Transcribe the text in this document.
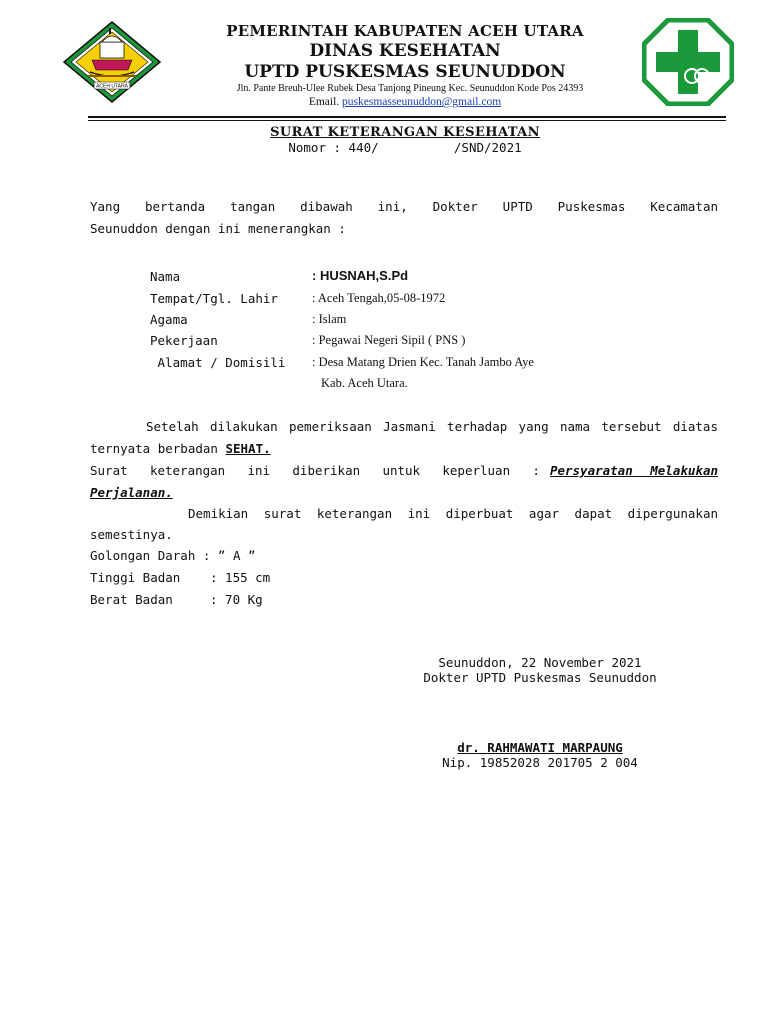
ACEH UTARA
PEMERINTAH KABUPATEN ACEH UTARA
DINAS KESEHATAN
UPTD PUSKESMAS SEUNUDDON
Jln. Pante Breuh-Ulee Rubek Desa Tanjong Pineung Kec. Seunuddon Kode Pos 24393
Email. puskesmasseunuddon@gmail.com
SURAT KETERANGAN KESEHATAN
Nomor : 440/          /SND/2021
Yang bertanda tangan dibawah ini, Dokter UPTD Puskesmas Kecamatan
Seunuddon dengan ini menerangkan :
Nama	: HUSNAH,S.Pd
Tempat/Tgl. Lahir	: Aceh Tengah,05-08-1972
Agama	: Islam
Pekerjaan	: Pegawai Negeri Sipil ( PNS )
Alamat / Domisili : Desa Matang Drien Kec. Tanah Jambo Aye
Kab. Aceh Utara.
Setelah dilakukan pemeriksaan Jasmani terhadap yang nama tersebut diatas
ternyata berbadan SEHAT.
Surat keterangan ini diberikan untuk keperluan : Persyaratan Melakukan
Perjalanan.
Demikian surat keterangan ini diperbuat agar dapat dipergunakan
semestinya.
Golongan Darah : ” A ”
Tinggi Badan : 155 cm
Berat Badan	: 70 Kg
Seunuddon, 22 November 2021
Dokter UPTD Puskesmas Seunuddon
dr. RAHMAWATI MARPAUNG
Nip. 19852028 201705 2 004
